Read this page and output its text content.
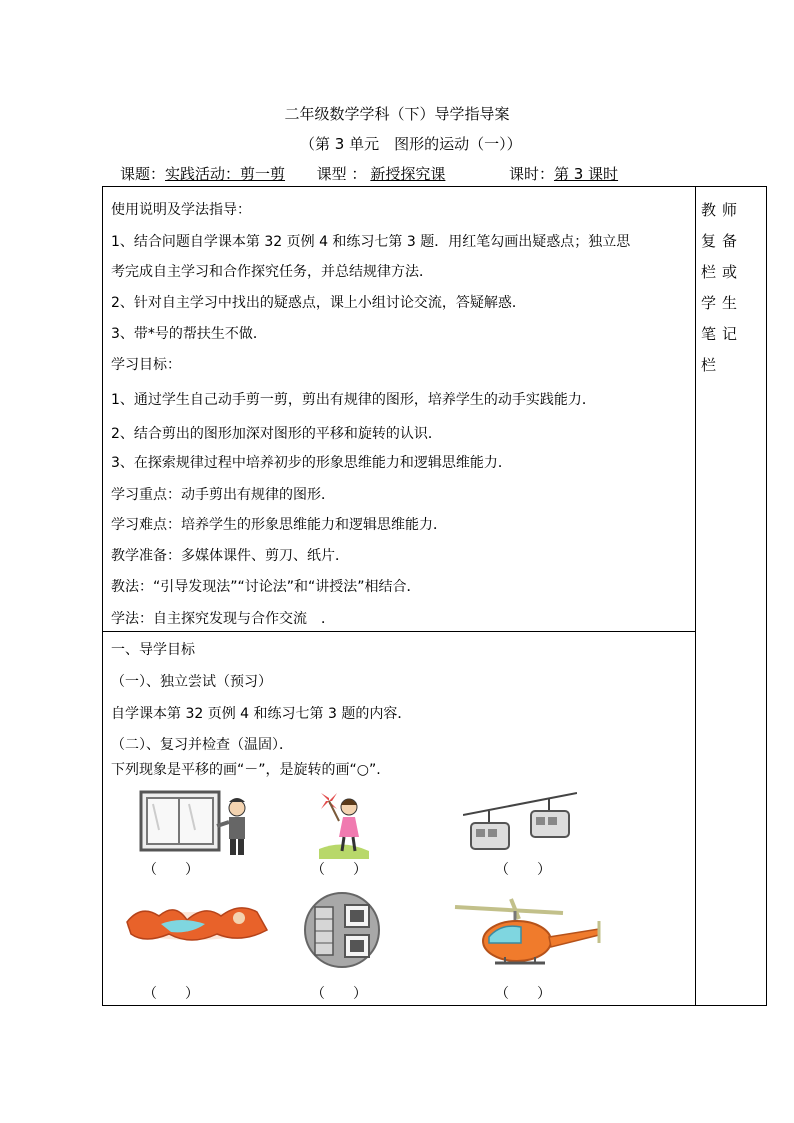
二年级数学学科（下）导学指导案
（第 3 单元　图形的运动（一））
课题：实践活动：剪一剪 课型 ： 新授探究课	课时：第 3 课时
教师复备栏或学生笔记栏
使用说明及学法指导：
1、结合问题自学课本第 32 页例 4 和练习七第 3 题．用红笔勾画出疑惑点；独立思
考完成自主学习和合作探究任务，并总结规律方法．
2、针对自主学习中找出的疑惑点，课上小组讨论交流，答疑解惑．
3、带*号的帮扶生不做．
学习目标：
1、通过学生自己动手剪一剪，剪出有规律的图形，培养学生的动手实践能力．
2、结合剪出的图形加深对图形的平移和旋转的认识．
3、在探索规律过程中培养初步的形象思维能力和逻辑思维能力．
学习重点：动手剪出有规律的图形．
学习难点：培养学生的形象思维能力和逻辑思维能力．
教学准备：多媒体课件、剪刀、纸片．
教法：“引导发现法”“讨论法”和“讲授法”相结合．
学法：自主探究发现与合作交流　．
一、导学目标
（一）、独立尝试（预习）
自学课本第 32 页例 4 和练习七第 3 题的内容．
（二）、复习并检查（温固）．
下列现象是平移的画“－”，是旋转的画“○”.
（　　）	（　　）	（　　）
（　　）	（　　）	（　　）
